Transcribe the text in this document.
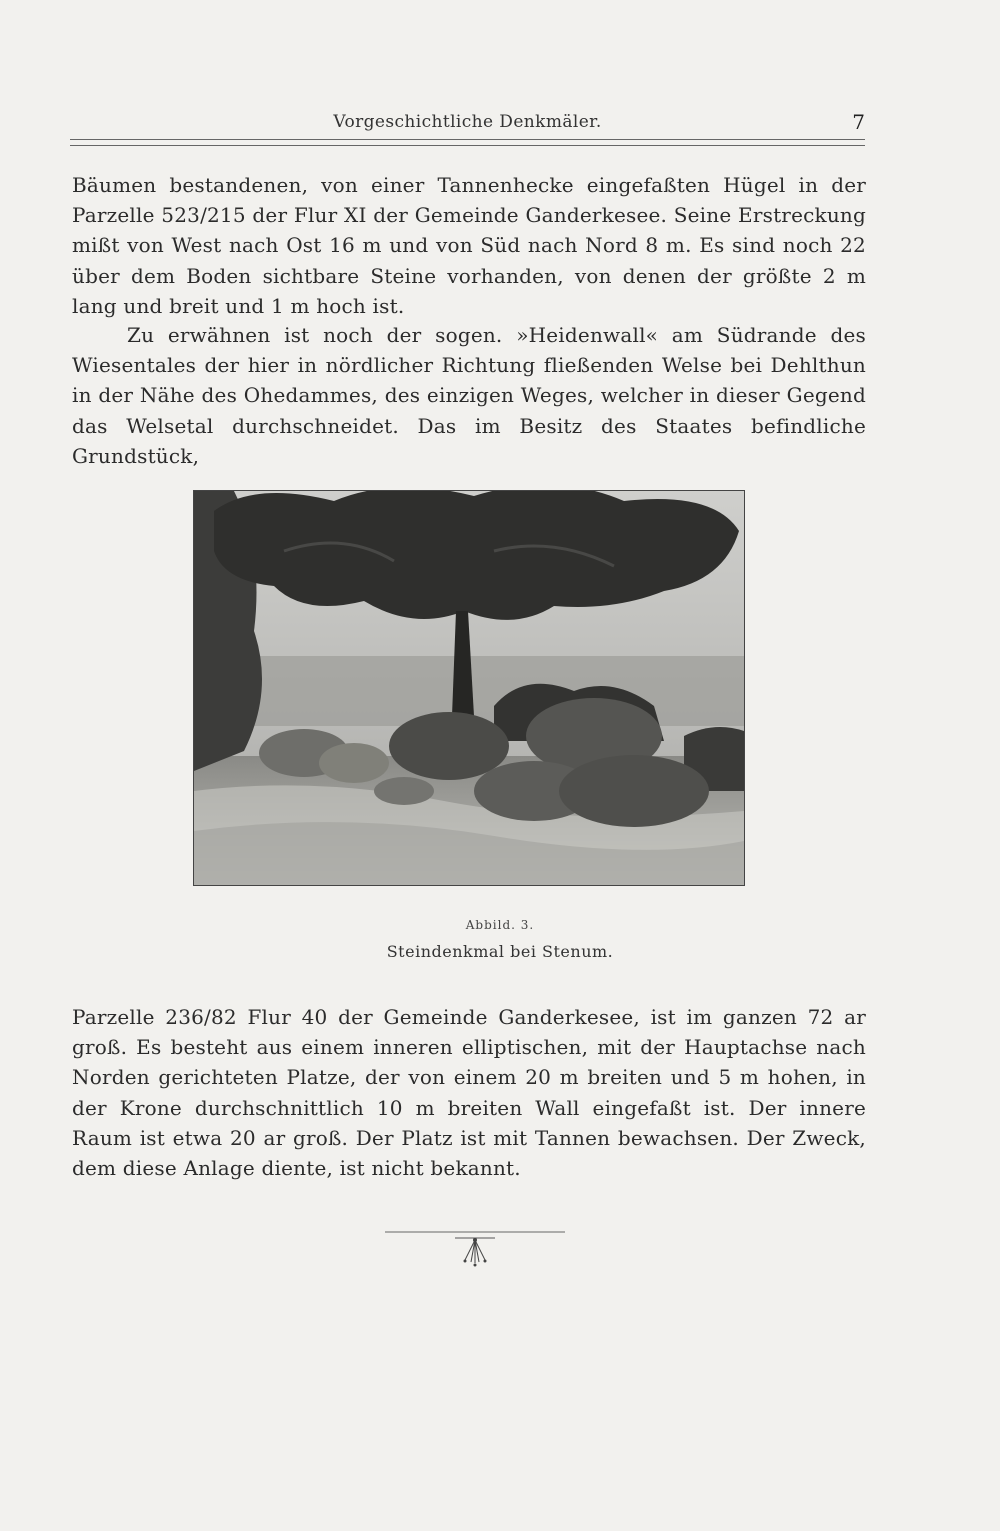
Vorgeschichtliche Denkmäler.	7

Bäumen bestandenen, von einer Tannenhecke eingefaßten Hügel in der Parzelle 523/215 der Flur XI der Gemeinde Ganderkesee. Seine Erstreckung mißt von West nach Ost 16 m und von Süd nach Nord 8 m. Es sind noch 22 über dem Boden sichtbare Steine vorhanden, von denen der größte 2 m lang und breit und 1 m hoch ist.

Zu erwähnen ist noch der sogen. »Heidenwall« am Südrande des Wiesentales der hier in nördlicher Richtung fließenden Welse bei Dehlthun in der Nähe des Ohedammes, des einzigen Weges, welcher in dieser Gegend das Welsetal durchschneidet. Das im Besitz des Staates befindliche Grundstück,

Abbild. 3.
Steindenkmal bei Stenum.

Parzelle 236/82 Flur 40 der Gemeinde Ganderkesee, ist im ganzen 72 ar groß. Es besteht aus einem inneren elliptischen, mit der Hauptachse nach Norden gerichteten Platze, der von einem 20 m breiten und 5 m hohen, in der Krone durchschnittlich 10 m breiten Wall eingefaßt ist. Der innere Raum ist etwa 20 ar groß. Der Platz ist mit Tannen bewachsen. Der Zweck, dem diese Anlage diente, ist nicht bekannt.
